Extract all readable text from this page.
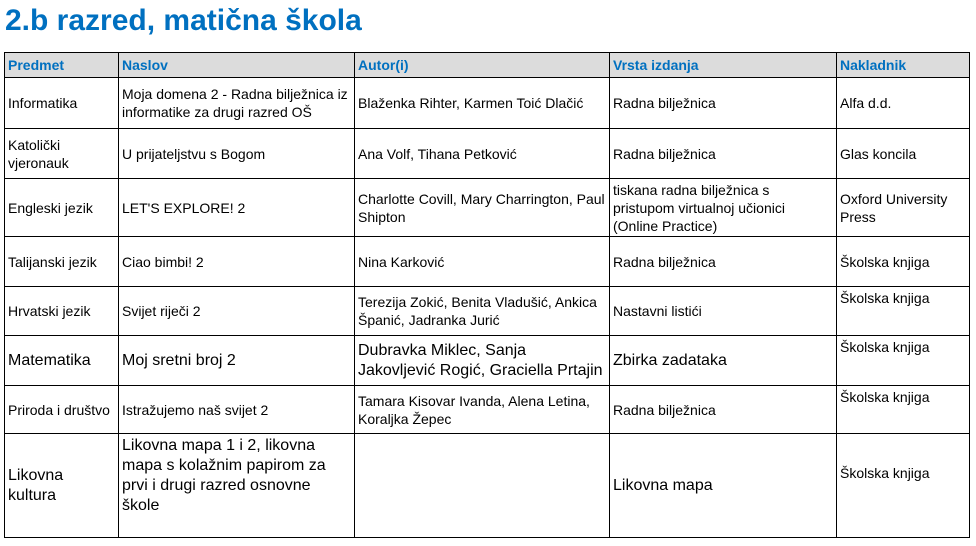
2.b razred, matična škola
Predmet	Naslov	Autor(i)	Vrsta izdanja	Nakladnik
Informatika	Moja domena 2 - Radna bilježnica iz informatike za drugi razred OŠ	Blaženka Rihter, Karmen Toić Dlačić	Radna bilježnica	Alfa d.d.
Katolički vjeronauk	U prijateljstvu s Bogom	Ana Volf, Tihana Petković	Radna bilježnica	Glas koncila
Engleski jezik	LET'S EXPLORE! 2	Charlotte Covill, Mary Charrington, Paul Shipton	tiskana radna bilježnica s pristupom virtualnoj učionici (Online Practice)	Oxford University Press
Talijanski jezik	Ciao bimbi! 2	Nina Karković	Radna bilježnica	Školska knjiga
Hrvatski jezik	Svijet riječi 2	Terezija Zokić, Benita Vladušić, Ankica Španić, Jadranka Jurić	Nastavni listići	Školska knjiga
Matematika	Moj sretni broj 2	Dubravka Miklec, Sanja Jakovljević Rogić, Graciella Prtajin	Zbirka zadataka	Školska knjiga
Priroda i društvo	Istražujemo naš svijet 2	Tamara Kisovar Ivanda, Alena Letina, Koraljka Žepec	Radna bilježnica	Školska knjiga
Likovna kultura	Likovna mapa 1 i 2, likovna mapa s kolažnim papirom za prvi i drugi razred osnovne škole		Likovna mapa	Školska knjiga
